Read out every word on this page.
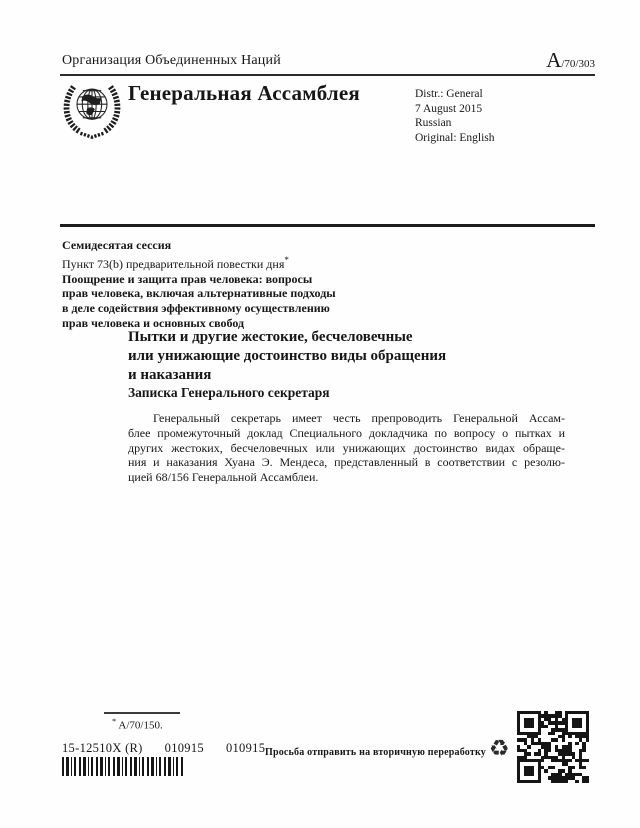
Организация Объединенных Наций	A/70/303
Генеральная Ассамблея	Distr.: General
7 August 2015
Russian
Original: English
Семидесятая сессия
Пункт 73(b) предварительной повестки дня*
Поощрение и защита прав человека: вопросы
прав человека, включая альтернативные подходы
в деле содействия эффективному осуществлению
прав человека и основных свобод
Пытки и другие жестокие, бесчеловечные
или унижающие достоинство виды обращения
и наказания
Записка Генерального секретаря
Генеральный секретарь имеет честь препроводить Генеральной Ассам-
блее промежуточный доклад Специального докладчика по вопросу о пытках и
других жестоких, бесчеловечных или унижающих достоинство видах обраще-
ния и наказания Хуана Э. Мендеса, представленный в соответствии с резолю-
цией 68/156 Генеральной Ассамблеи.
* A/70/150.
15-12510X (R) 010915 010915 Просьба отправить на вторичную переработку ♻
